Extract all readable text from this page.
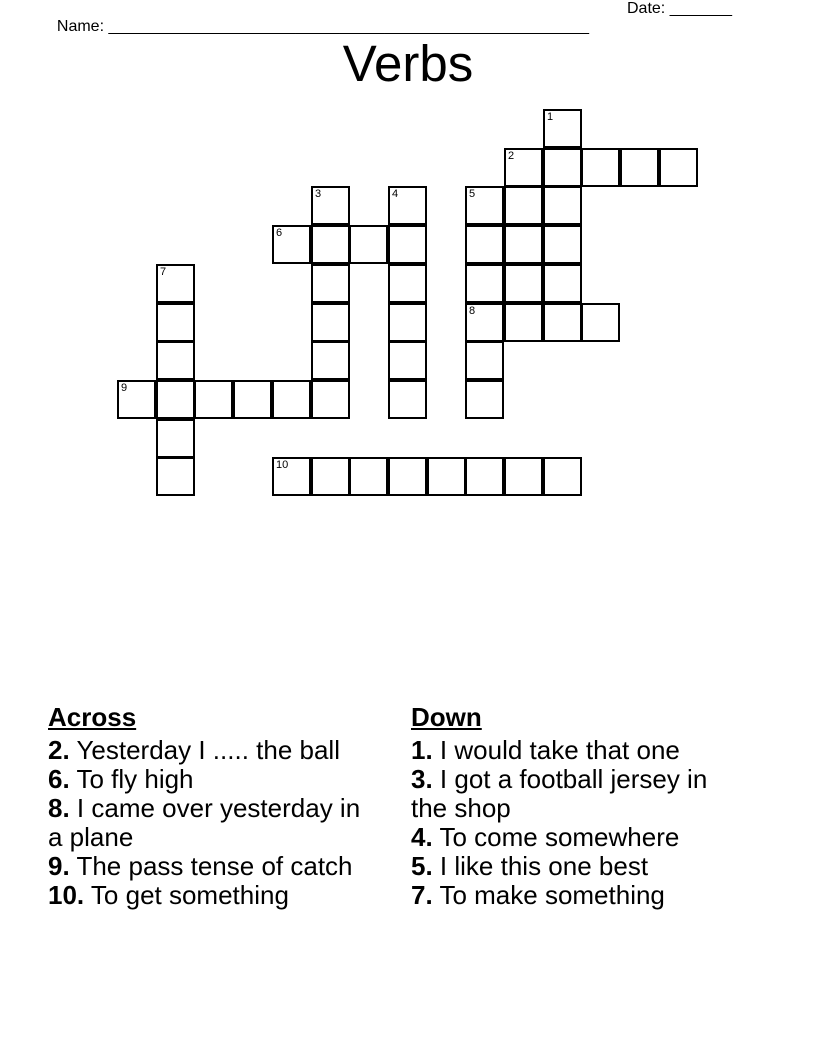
Name: ______________________________________________________

Date: _______

Verbs
1
2
3	4	5
6
7
8
9
10
Across

2. Yesterday I ..... the ball

6. To fly high

8. I came over yesterday in a plane

9. The pass tense of catch

10. To get something

Down

1. I would take that one

3. I got a football jersey in the shop

4. To come somewhere

5. I like this one best

7. To make something
